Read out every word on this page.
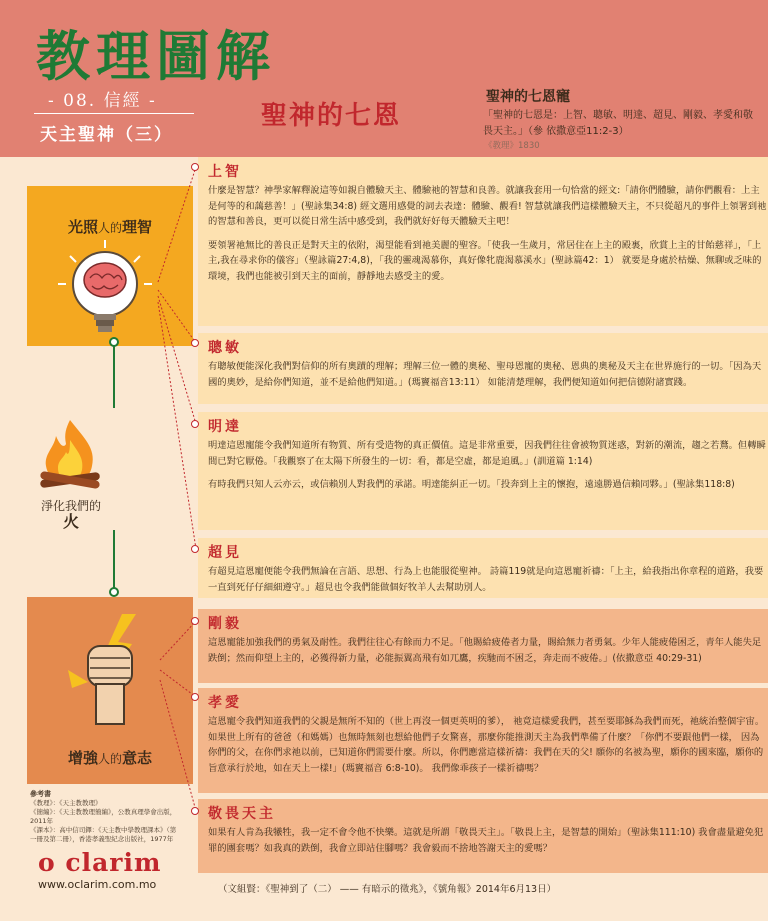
教理圖解
- 08. 信經 -
天主聖神（三）
聖神的七恩
聖神的七恩寵
「聖神的七恩是：上智、聰敏、明達、超見、剛毅、孝愛和敬畏天主。」（參 依撒意亞11:2-3）
《教理》1830
光照人的理智
淨化我們的
火
增強人的意志
上智

什麼是智慧？神學家解釋說這等如親自體驗天主、體驗祂的智慧和良善。就讓我套用一句恰當的經文:「請你們體驗，請你們觀看：上主是何等的和藹慈善！」(聖詠集34:8) 經文選用感覺的詞去表達：體驗、觀看! 智慧就讓我們這樣體驗天主，不只從超凡的事件上領署到祂的智慧和善良，更可以從日常生活中感受到，我們就好好每天體驗天主吧！

要領署祂無比的善良正是對天主的依附，渴望能看到祂美麗的聖容。「使我一生歲月，常居住在上主的殿裏，欣賞上主的甘飴慈祥」，「上主,我在尋求你的儀容」（聖詠篇27:4,8)，「我的靈魂渴慕你，真好像牝鹿渴慕溪水」(聖詠篇42：1） 就要是身處於枯燥、無聊或乏味的環境，我們也能被引到天主的面前，靜靜地去感受主的愛。

聰敏

有聰敏便能深化我們對信仰的所有奧蹟的理解；理解三位一體的奧秘、聖母恩寵的奧秘、恩典的奧秘及天主在世界施行的一切。「因為天國的奧妙，是給你們知道，並不是給他們知道。」(瑪竇福音13:11） 如能清楚理解，我們便知道如何把信德附諸實踐。

明達

明達這恩寵能令我們知道所有物質、所有受造物的真正價值。這是非常重要，因我們往往會被物質迷惑，對新的潮流，趨之若鶩。但轉瞬間已對它厭倦。「我觀察了在太陽下所發生的一切：看，都是空虛，都是追風。」(訓道篇 1:14)

有時我們只知人云亦云，或信賴別人對我們的承諾。明達能糾正一切。「投奔到上主的懷抱，遠遠勝過信賴同夥。」(聖詠集118:8)

超見

有超見這恩寵便能令我們無論在言語、思想、行為上也能服從聖神。 詩篇119就是向這恩寵祈禱：「上主，給我指出你章程的道路，我要一直到死仔仔細細遵守。」超見也令我們能做個好牧羊人去幫助別人。

剛毅

這恩寵能加強我們的勇氣及耐性。我們往往心有餘而力不足。「他賜給疲倦者力量，賜給無力者勇氣。少年人能疲倦困乏，青年人能失足跌倒；然而仰望上主的，必獲得新力量，必能振翼高飛有如兀鷹，疾馳而不困乏，奔走而不疲倦。」(依撒意亞 40:29-31)

孝愛

這恩寵令我們知道我們的父親是無所不知的（世上再沒一個更英明的爹）， 祂竟這樣愛我們，甚至要耶穌為我們而死，祂統治整個宇宙。如果世上所有的爸爸（和媽媽）也無時無刻也想給他們子女驚喜，那麼你能推測天主為我們準備了什麼？「你們不要跟他們一樣， 因為你們的父，在你們求祂以前，已知道你們需要什麼。所以，你們應當這樣祈禱：我們在天的父! 願你的名被為聖，願你的國來臨，願你的旨意承行於地，如在天上一樣!」(瑪竇福音 6:8-10)。 我們像乖孩子一樣祈禱嗎？

敬畏天主

如果有人肯為我犧牲，我一定不會令他不快樂。這就是所謂「敬畏天主」。「敬畏上主，是智慧的開始」（聖詠集111:10) 我會盡量避免犯罪的團套嗎？如我真的跌倒，我會立即站住腳嗎？我會毅而不捨地答謝天主的愛嗎？

參考書
《教理》：《天主教教理》
《簡編》：《天主教教理簡編》，公教真理學會出版，2011年
《課本》：高中信司鐸：《天主教中學教理課本》（第一冊及第二冊），香港孝義聖紀念出版社，1977年
o clarim
www.oclarim.com.mo	（文組賢：《聖神到了（二） —— 有暗示的徵兆》，《號角報》2014年6月13日）
